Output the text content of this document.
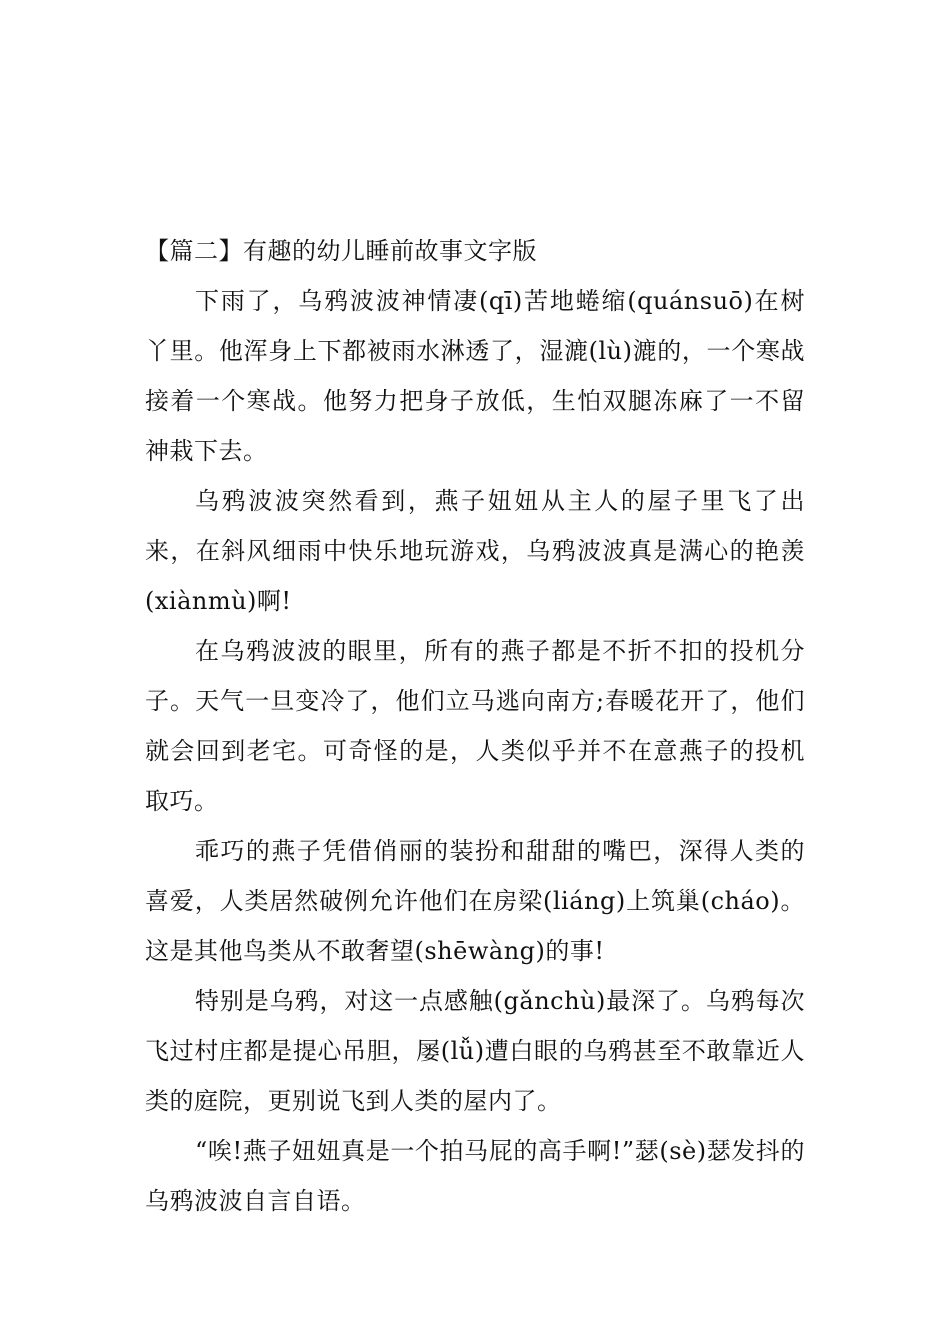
【篇二】有趣的幼儿睡前故事文字版

下雨了，乌鸦波波神情凄(qī)苦地蜷缩(quánsuō)在树丫里。他浑身上下都被雨水淋透了，湿漉(lù)漉的，一个寒战接着一个寒战。他努力把身子放低，生怕双腿冻麻了一不留神栽下去。

乌鸦波波突然看到，燕子妞妞从主人的屋子里飞了出来，在斜风细雨中快乐地玩游戏，乌鸦波波真是满心的艳羡(xiànmù)啊!

在乌鸦波波的眼里，所有的燕子都是不折不扣的投机分子。天气一旦变冷了，他们立马逃向南方;春暖花开了，他们就会回到老宅。可奇怪的是，人类似乎并不在意燕子的投机取巧。

乖巧的燕子凭借俏丽的装扮和甜甜的嘴巴，深得人类的喜爱，人类居然破例允许他们在房梁(liáng)上筑巢(cháo)。这是其他鸟类从不敢奢望(shēwàng)的事!

特别是乌鸦，对这一点感触(gǎnchù)最深了。乌鸦每次飞过村庄都是提心吊胆，屡(lǚ)遭白眼的乌鸦甚至不敢靠近人类的庭院，更别说飞到人类的屋内了。

“唉!燕子妞妞真是一个拍马屁的高手啊!”瑟(sè)瑟发抖的乌鸦波波自言自语。
